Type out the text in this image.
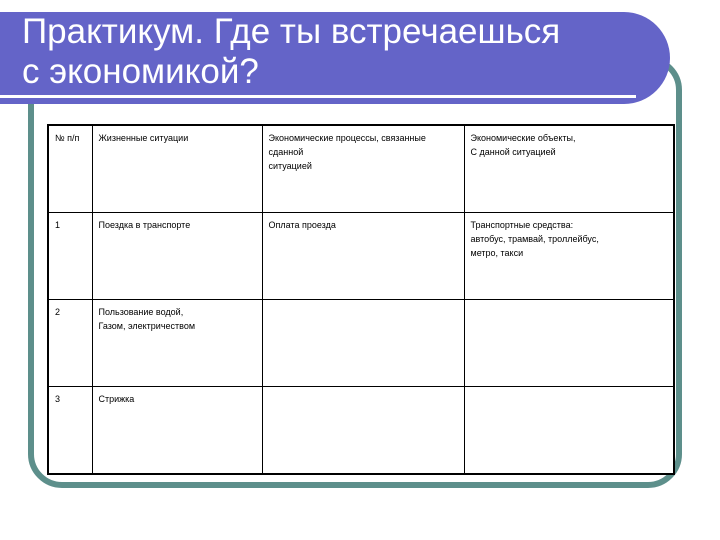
Практикум. Где ты встречаешься
с экономикой?
№ п/п	Жизненные ситуации	Экономические процессы, связанные
сданной
ситуацией	Экономические объекты,
С данной ситуацией

1	Поездка в транспорте	Оплата проезда	Транспортные средства:
автобус, трамвай, троллейбус,
метро, такси

2	Пользование водой,
Газом, электричеством		

3	Стрижка		
